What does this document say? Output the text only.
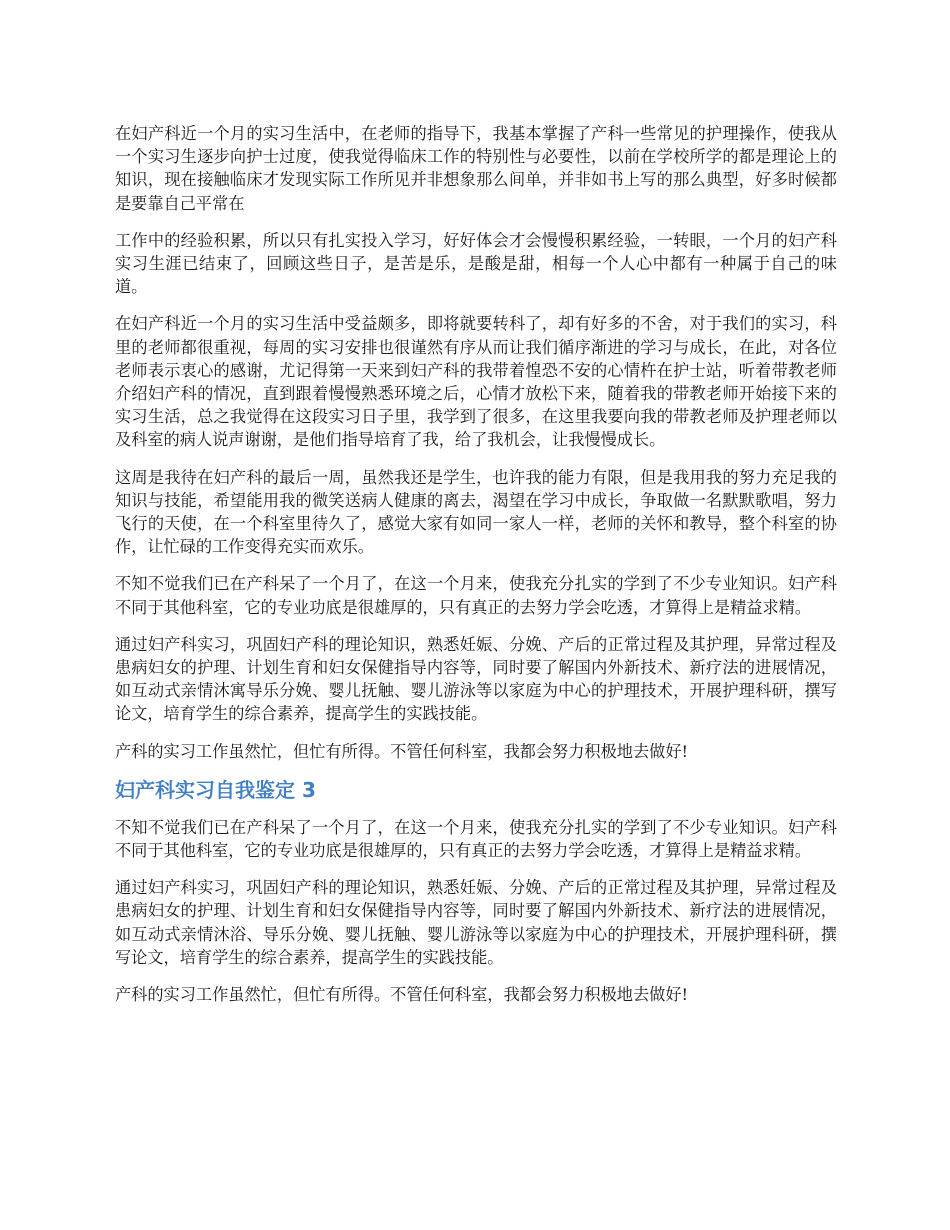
在妇产科近一个月的实习生活中，在老师的指导下，我基本掌握了产科一些常见的护理操作，使我从一个实习生逐步向护士过度，使我觉得临床工作的特别性与必要性，以前在学校所学的都是理论上的知识，现在接触临床才发现实际工作所见并非想象那么间单，并非如书上写的那么典型，好多时候都是要靠自己平常在

工作中的经验积累，所以只有扎实投入学习，好好体会才会慢慢积累经验，一转眼，一个月的妇产科实习生涯已结束了，回顾这些日子，是苦是乐，是酸是甜，相每一个人心中都有一种属于自己的味道。

在妇产科近一个月的实习生活中受益颇多，即将就要转科了，却有好多的不舍，对于我们的实习，科里的老师都很重视，每周的实习安排也很谨然有序从而让我们循序渐进的学习与成长，在此，对各位老师表示衷心的感谢，尤记得第一天来到妇产科的我带着惶恐不安的心情杵在护士站，听着带教老师介绍妇产科的情况，直到跟着慢慢熟悉环境之后，心情才放松下来，随着我的带教老师开始接下来的实习生活，总之我觉得在这段实习日子里，我学到了很多，在这里我要向我的带教老师及护理老师以及科室的病人说声谢谢，是他们指导培育了我，给了我机会，让我慢慢成长。

这周是我待在妇产科的最后一周，虽然我还是学生，也许我的能力有限，但是我用我的努力充足我的知识与技能，希望能用我的微笑送病人健康的离去，渴望在学习中成长，争取做一名默默歌唱，努力飞行的天使，在一个科室里待久了，感觉大家有如同一家人一样，老师的关怀和教导，整个科室的协作，让忙碌的工作变得充实而欢乐。

不知不觉我们已在产科呆了一个月了，在这一个月来，使我充分扎实的学到了不少专业知识。妇产科不同于其他科室，它的专业功底是很雄厚的，只有真正的去努力学会吃透，才算得上是精益求精。

通过妇产科实习，巩固妇产科的理论知识，熟悉妊娠、分娩、产后的正常过程及其护理，异常过程及患病妇女的护理、计划生育和妇女保健指导内容等，同时要了解国内外新技术、新疗法的进展情况，如互动式亲情沐寓导乐分娩、婴儿抚触、婴儿游泳等以家庭为中心的护理技术，开展护理科研，撰写论文，培育学生的综合素养，提高学生的实践技能。

产科的实习工作虽然忙，但忙有所得。不管任何科室，我都会努力积极地去做好!

妇产科实习自我鉴定 3

不知不觉我们已在产科呆了一个月了，在这一个月来，使我充分扎实的学到了不少专业知识。妇产科不同于其他科室，它的专业功底是很雄厚的，只有真正的去努力学会吃透，才算得上是精益求精。

通过妇产科实习，巩固妇产科的理论知识，熟悉妊娠、分娩、产后的正常过程及其护理，异常过程及患病妇女的护理、计划生育和妇女保健指导内容等，同时要了解国内外新技术、新疗法的进展情况，如互动式亲情沐浴、导乐分娩、婴儿抚触、婴儿游泳等以家庭为中心的护理技术，开展护理科研，撰写论文，培育学生的综合素养，提高学生的实践技能。

产科的实习工作虽然忙，但忙有所得。不管任何科室，我都会努力积极地去做好!
